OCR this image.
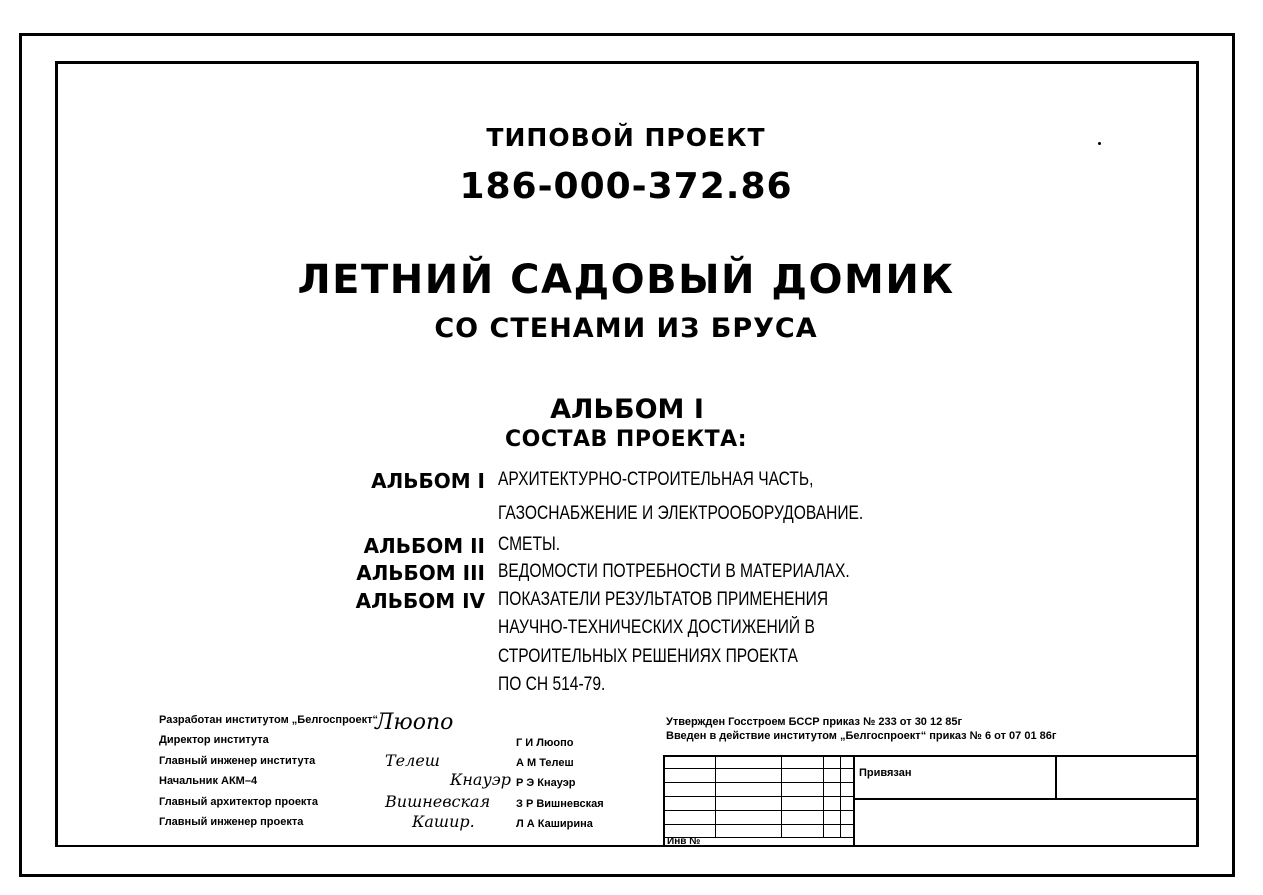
ТИПОВОЙ ПРОЕКТ
186-000-372.86
ЛЕТНИЙ САДОВЫЙ ДОМИК
СО СТЕНАМИ ИЗ БРУСА
АЛЬБОМ I
СОСТАВ ПРОЕКТА:
АЛЬБОМ I АРХИТЕКТУРНО-СТРОИТЕЛЬНАЯ ЧАСТЬ,
ГАЗОСНАБЖЕНИЕ И ЭЛЕКТРООБОРУДОВАНИЕ.
АЛЬБОМ II СМЕТЫ.
АЛЬБОМ III ВЕДОМОСТИ ПОТРЕБНОСТИ В МАТЕРИАЛАХ.
АЛЬБОМ IV ПОКАЗАТЕЛИ РЕЗУЛЬТАТОВ ПРИМЕНЕНИЯ
НАУЧНО-ТЕХНИЧЕСКИХ ДОСТИЖЕНИЙ В
СТРОИТЕЛЬНЫХ РЕШЕНИЯХ ПРОЕКТА
ПО СН 514-79.
Разработан институтом „Белгоспроект“
Директор института
Главный инженер института
Начальник АКМ–4
Главный архитектор проекта
Главный инженер проекта
Люопо
Телеш
Кнауэр
Вишневская
Кашир.
Г И Люопо
А М Телеш
Р Э Кнауэр
З Р Вишневская
Л А Каширина
Утвержден Госстроем БССР приказ № 233 от 30 12 85г
Введен в действие институтом „Белгоспроект“ приказ № 6 от 07 01 86г
Привязан
Инв №
